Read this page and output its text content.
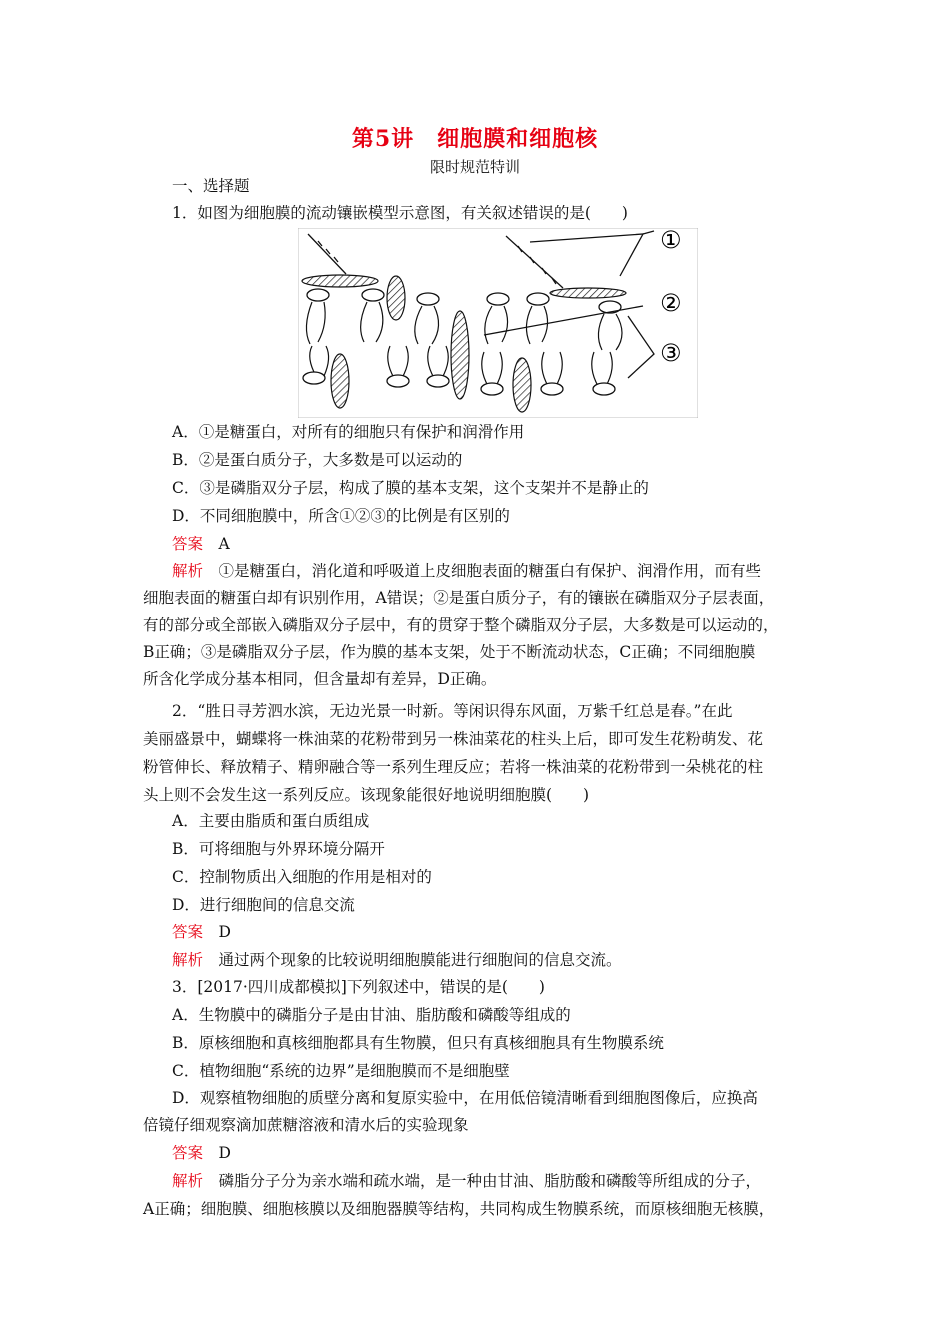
第5讲　细胞膜和细胞核
限时规范特训
一、选择题
1．如图为细胞膜的流动镶嵌模型示意图，有关叙述错误的是(　　)
①
②
③
A．①是糖蛋白，对所有的细胞只有保护和润滑作用
B．②是蛋白质分子，大多数是可以运动的
C．③是磷脂双分子层，构成了膜的基本支架，这个支架并不是静止的
D．不同细胞膜中，所含①②③的比例是有区别的
答案　 A
解析　 ①是糖蛋白，消化道和呼吸道上皮细胞表面的糖蛋白有保护、润滑作用，而有些
细胞表面的糖蛋白却有识别作用，A错误；②是蛋白质分子，有的镶嵌在磷脂双分子层表面，
有的部分或全部嵌入磷脂双分子层中，有的贯穿于整个磷脂双分子层，大多数是可以运动的，
B正确；③是磷脂双分子层，作为膜的基本支架，处于不断流动状态，C正确；不同细胞膜
所含化学成分基本相同，但含量却有差异，D正确。
2．“胜日寻芳泗水滨，无边光景一时新。等闲识得东风面，万紫千红总是春。”在此
美丽盛景中，蝴蝶将一株油菜的花粉带到另一株油菜花的柱头上后，即可发生花粉萌发、花
粉管伸长、释放精子、精卵融合等一系列生理反应；若将一株油菜的花粉带到一朵桃花的柱
头上则不会发生这一系列反应。该现象能很好地说明细胞膜(　　)
A．主要由脂质和蛋白质组成
B．可将细胞与外界环境分隔开
C．控制物质出入细胞的作用是相对的
D．进行细胞间的信息交流
答案　 D
解析　 通过两个现象的比较说明细胞膜能进行细胞间的信息交流。
3．[2017·四川成都模拟]下列叙述中，错误的是(　　)
A．生物膜中的磷脂分子是由甘油、脂肪酸和磷酸等组成的
B．原核细胞和真核细胞都具有生物膜，但只有真核细胞具有生物膜系统
C．植物细胞“系统的边界”是细胞膜而不是细胞壁
D．观察植物细胞的质壁分离和复原实验中，在用低倍镜清晰看到细胞图像后，应换高
倍镜仔细观察滴加蔗糖溶液和清水后的实验现象
答案　 D
解析　 磷脂分子分为亲水端和疏水端，是一种由甘油、脂肪酸和磷酸等所组成的分子，
A正确；细胞膜、细胞核膜以及细胞器膜等结构，共同构成生物膜系统，而原核细胞无核膜，
